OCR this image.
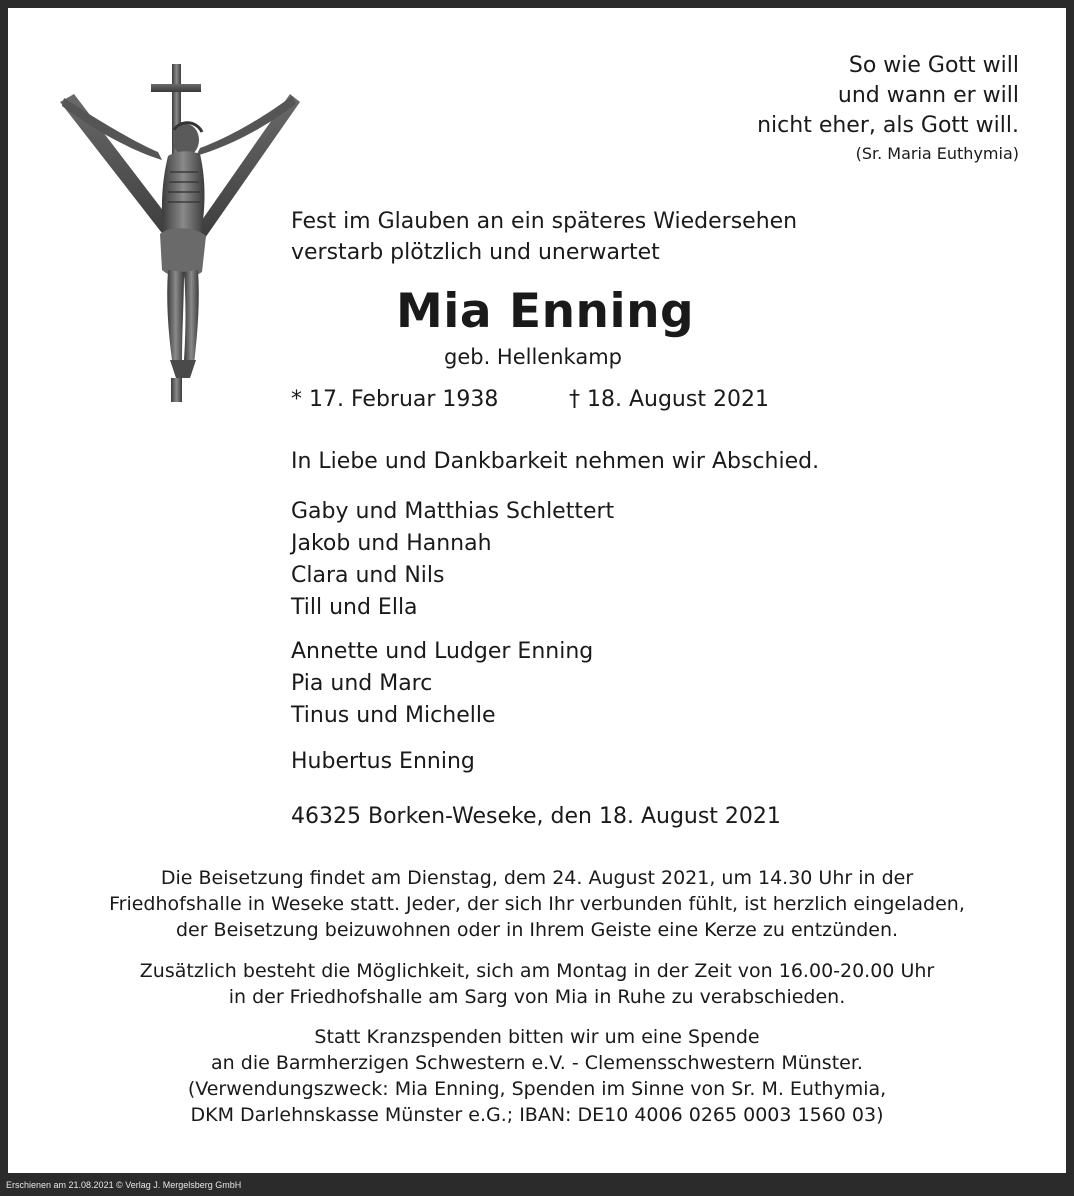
So wie Gott will
und wann er will
nicht eher, als Gott will.
(Sr. Maria Euthymia)
Fest im Glauben an ein späteres Wiedersehen
verstarb plötzlich und unerwartet
Mia Enning
geb. Hellenkamp
* 17. Februar 1938	† 18. August 2021
In Liebe und Dankbarkeit nehmen wir Abschied.
Gaby und Matthias Schlettert
Jakob und Hannah
Clara und Nils
Till und Ella
Annette und Ludger Enning
Pia und Marc
Tinus und Michelle
Hubertus Enning
46325 Borken-Weseke, den 18. August 2021
Die Beisetzung findet am Dienstag, dem 24. August 2021, um 14.30 Uhr in der
Friedhofshalle in Weseke statt. Jeder, der sich Ihr verbunden fühlt, ist herzlich eingeladen,
der Beisetzung beizuwohnen oder in Ihrem Geiste eine Kerze zu entzünden.
Zusätzlich besteht die Möglichkeit, sich am Montag in der Zeit von 16.00-20.00 Uhr
in der Friedhofshalle am Sarg von Mia in Ruhe zu verabschieden.
Statt Kranzspenden bitten wir um eine Spende
an die Barmherzigen Schwestern e.V. - Clemensschwestern Münster.
(Verwendungszweck: Mia Enning, Spenden im Sinne von Sr. M. Euthymia,
DKM Darlehnskasse Münster e.G.; IBAN: DE10 4006 0265 0003 1560 03)
Erschienen am 21.08.2021 © Verlag J. Mergelsberg GmbH
